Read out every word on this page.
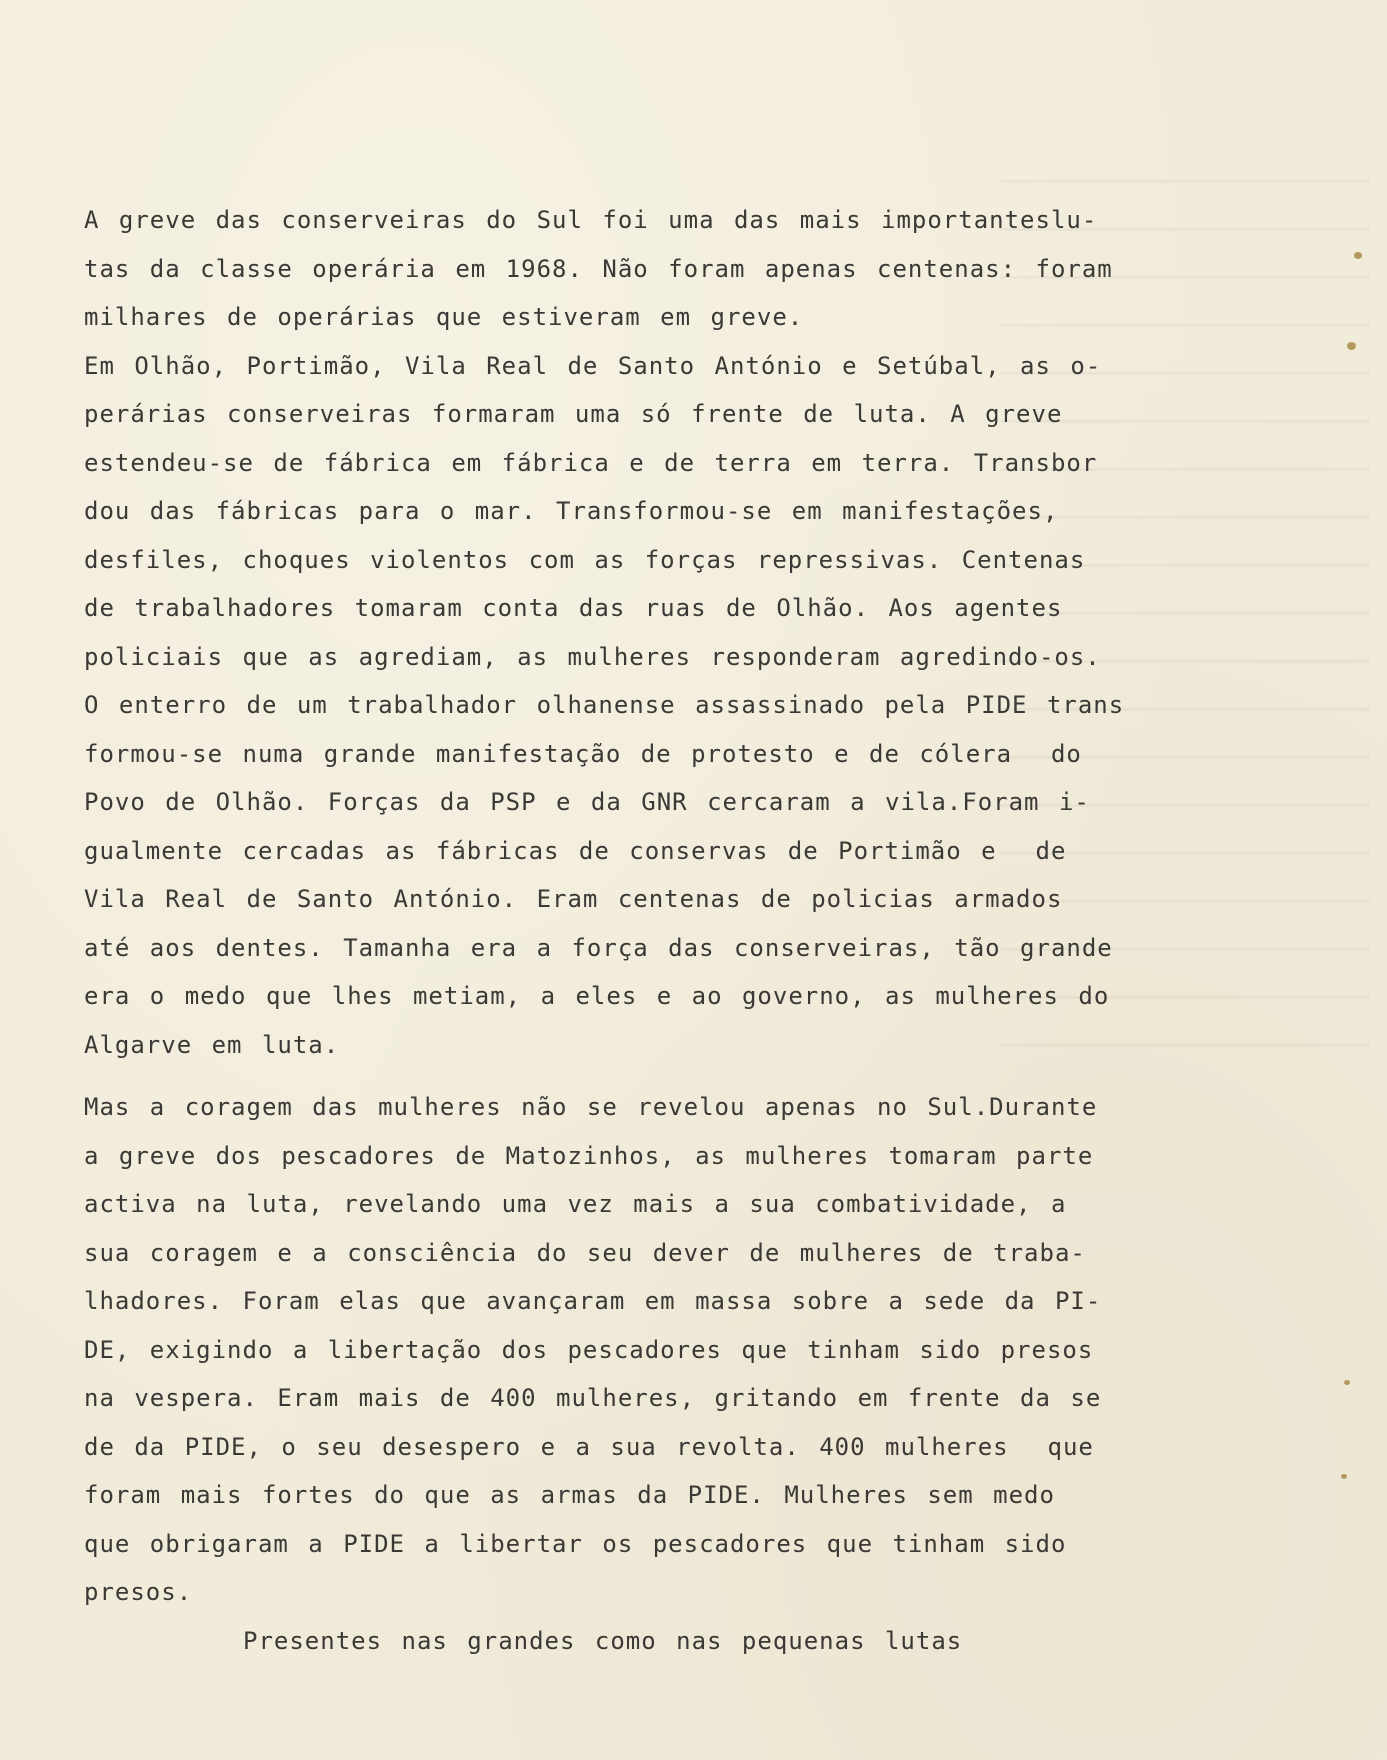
A greve das conserveiras do Sul foi uma das mais importanteslu-
tas da classe operária em 1968. Não foram apenas centenas: foram
milhares de operárias que estiveram em greve.
Em Olhão, Portimão, Vila Real de Santo António e Setúbal, as o-
perárias conserveiras formaram uma só frente de luta. A greve
estendeu-se de fábrica em fábrica e de terra em terra. Transbor
dou das fábricas para o mar. Transformou-se em manifestações,
desfiles, choques violentos com as forças repressivas. Centenas
de trabalhadores tomaram conta das ruas de Olhão. Aos agentes
policiais que as agrediam, as mulheres responderam agredindo-os.
O enterro de um trabalhador olhanense assassinado pela PIDE trans
formou-se numa grande manifestação de protesto e de cólera  do
Povo de Olhão. Forças da PSP e da GNR cercaram a vila.Foram i-
gualmente cercadas as fábricas de conservas de Portimão e  de
Vila Real de Santo António. Eram centenas de policias armados
até aos dentes. Tamanha era a força das conserveiras, tão grande
era o medo que lhes metiam, a eles e ao governo, as mulheres do
Algarve em luta.
Mas a coragem das mulheres não se revelou apenas no Sul.Durante
a greve dos pescadores de Matozinhos, as mulheres tomaram parte
activa na luta, revelando uma vez mais a sua combatividade, a
sua coragem e a consciência do seu dever de mulheres de traba-
lhadores. Foram elas que avançaram em massa sobre a sede da PI-
DE, exigindo a libertação dos pescadores que tinham sido presos
na vespera. Eram mais de 400 mulheres, gritando em frente da se
de da PIDE, o seu desespero e a sua revolta. 400 mulheres  que
foram mais fortes do que as armas da PIDE. Mulheres sem medo
que obrigaram a PIDE a libertar os pescadores que tinham sido
presos.
Presentes nas grandes como nas pequenas lutas
